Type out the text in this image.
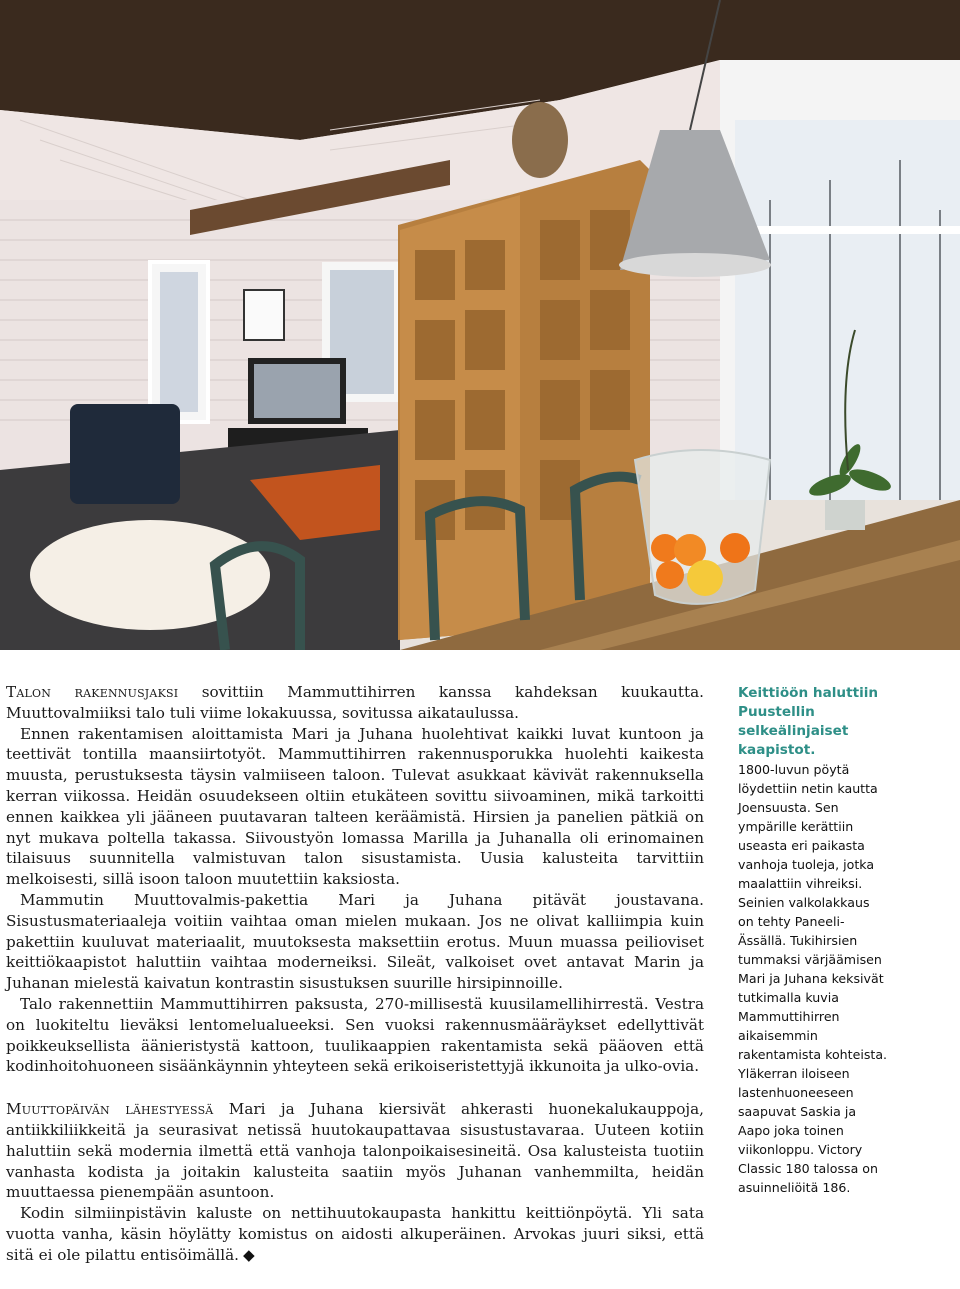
Talon rakennusjaksi sovittiin Mammuttihirren kanssa kahdeksan kuukautta. Muuttovalmiiksi talo tuli viime lokakuussa, sovitussa aikataulussa.

Ennen rakentamisen aloittamista Mari ja Juhana huolehtivat kaikki luvat kuntoon ja teettivät tontilla maansiirtotyöt. Mammuttihirren rakennusporukka huolehti kaikesta muusta, perustuksesta täysin valmiiseen taloon. Tulevat asukkaat kävivät rakennuksella kerran viikossa. Heidän osuudekseen oltiin etukäteen sovittu siivoaminen, mikä tarkoitti ennen kaikkea yli jääneen puutavaran talteen keräämistä. Hirsien ja panelien pätkiä on nyt mukava poltella takassa. Siivoustyön lomassa Marilla ja Juhanalla oli erinomainen tilaisuus suunnitella valmistuvan talon sisustamista. Uusia kalusteita tarvittiin melkoisesti, sillä isoon taloon muutettiin kaksiosta.

Mammutin Muuttovalmis-pakettia Mari ja Juhana pitävät joustavana. Sisustusmateriaaleja voitiin vaihtaa oman mielen mukaan. Jos ne olivat kalliimpia kuin pakettiin kuuluvat materiaalit, muutoksesta maksettiin erotus. Muun muassa peilioviset keittiökaapistot haluttiin vaihtaa moderneiksi. Sileät, valkoiset ovet antavat Marin ja Juhanan mielestä kaivatun kontrastin sisustuksen suurille hirsipinnoille.

Talo rakennettiin Mammuttihirren paksusta, 270-millisestä kuusilamellihirrestä. Vestra on luokiteltu lieväksi lentomelualueeksi. Sen vuoksi rakennusmääräykset edellyttivät poikkeuksellista äänieristystä kattoon, tuulikaappien rakentamista sekä pääoven että kodinhoitohuoneen sisäänkäynnin yhteyteen sekä erikoiseristettyjä ikkunoita ja ulko-ovia.

Muuttopäivän lähestyessä Mari ja Juhana kiersivät ahkerasti huonekalukauppoja, antiikkiliikkeitä ja seurasivat netissä huutokaupattavaa sisustustavaraa. Uuteen kotiin haluttiin sekä modernia ilmettä että vanhoja talonpoikaisesineitä. Osa kalusteista tuotiin vanhasta kodista ja joitakin kalusteita saatiin myös Juhanan vanhemmilta, heidän muuttaessa pienempään asuntoon.

Kodin silmiinpistävin kaluste on nettihuutokaupasta hankittu keittiönpöytä. Yli sata vuotta vanha, käsin höylätty komistus on aidosti alkuperäinen. Arvokas juuri siksi, että sitä ei ole pilattu entisöimällä. ◆

Keittiöön haluttiin Puustellin selkeälinjaiset kaapistot.
1800-luvun pöytä löydettiin netin kautta Joensuusta. Sen ympärille kerättiin useasta eri paikasta vanhoja tuoleja, jotka maalattiin vihreiksi. Seinien valkolakkaus on tehty Paneeli-Ässällä. Tukihirsien tummaksi värjäämisen Mari ja Juhana keksivät tutkimalla kuvia Mammuttihirren aikaisemmin rakentamista kohteista. Yläkerran iloiseen lastenhuoneeseen saapuvat Saskia ja Aapo joka toinen viikonloppu. Victory Classic 180 talossa on asuinneliöitä 186.
